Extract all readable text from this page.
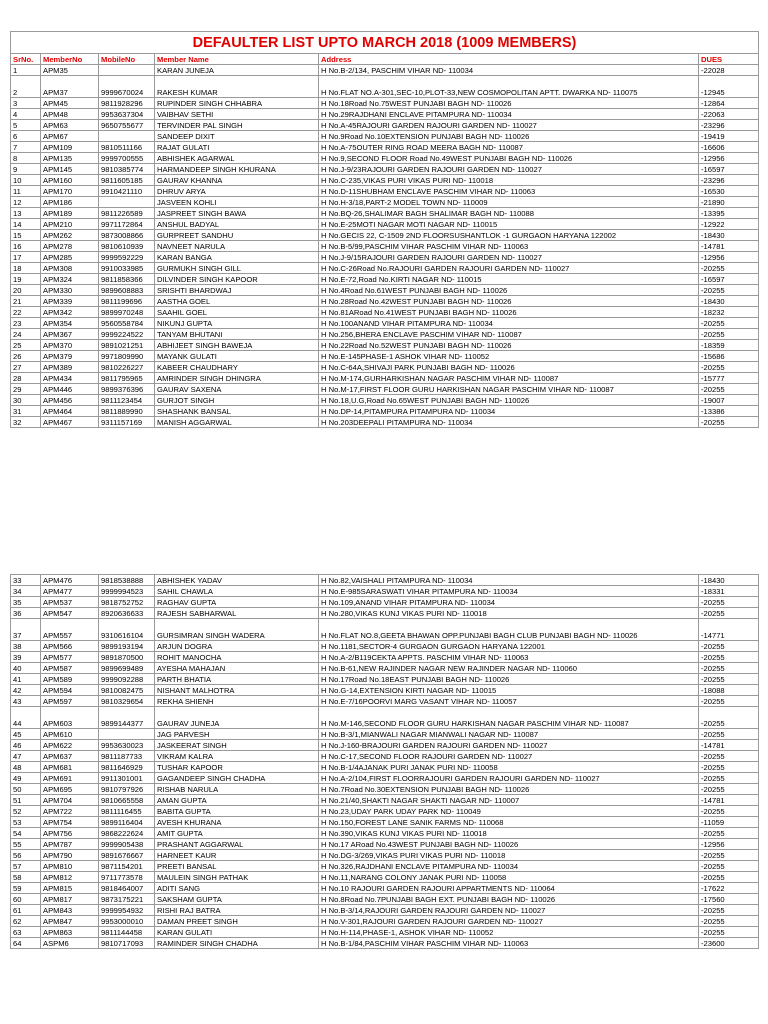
DEFAULTER LIST UPTO MARCH 2018 (1009 MEMBERS)					
SrNo.	MemberNo	MobileNo	Member Name	Address	DUES
1	APM35		KARAN JUNEJA	H No.B-2/134, PASCHIM VIHAR ND- 110034	-22028
2	APM37	9999670024	RAKESH KUMAR	H No.FLAT NO.A-301,SEC-10,PLOT-33,NEW COSMOPOLITAN APTT. DWARKA ND- 110075	-12945
3	APM45	9811928296	RUPINDER SINGH CHHABRA	H No.18Road No.75WEST PUNJABI BAGH ND- 110026	-12864
4	APM48	9953637304	VAIBHAV SETHI	H No.29RAJDHANI ENCLAVE PITAMPURA ND- 110034	-22063
5	APM63	9650755677	TERVINDER PAL SINGH	H No.A-45RAJOURI GARDEN RAJOURI GARDEN ND- 110027	-23296
6	APM67		SANDEEP DIXIT	H No.9Road No.10EXTENSION PUNJABI BAGH ND- 110026	-19419
7	APM109	9810511166	RAJAT GULATI	H No.A-75OUTER RING ROAD MEERA BAGH ND- 110087	-16606
8	APM135	9999700555	ABHISHEK AGARWAL	H No.9,SECOND FLOOR Road No.49WEST PUNJABI BAGH ND- 110026	-12956
9	APM145	9810385774	HARMANDEEP SINGH KHURANA	H No.J-9/23RAJOURI GARDEN RAJOURI GARDEN ND- 110027	-16597
10	APM160	9811605185	GAURAV KHANNA	H No.C-235,VIKAS PURI VIKAS PURI ND- 110018	-23296
11	APM170	9910421110	DHRUV ARYA	H No.D-11SHUBHAM ENCLAVE PASCHIM VIHAR ND- 110063	-16530
12	APM186		JASVEEN KOHLI	H No.H-3/18,PART-2 MODEL TOWN ND- 110009	-21890
13	APM189	9811226589	JASPREET SINGH BAWA	H No.BQ-26,SHALIMAR BAGH SHALIMAR BAGH ND- 110088	-13395
14	APM210	9971172864	ANSHUL BADYAL	H No.E-25MOTI NAGAR MOTI NAGAR ND- 110015	-12922
15	APM262	9873008866	GURPREET SANDHU	H No.GECIS 22, C-1509 2ND FLOORSUSHANTLOK -1 GURGAON HARYANA 122002	-18430
16	APM278	9810610939	NAVNEET NARULA	H No.B-5/99,PASCHIM VIHAR PASCHIM VIHAR ND- 110063	-14781
17	APM285	9999592229	KARAN BANGA	H No.J-9/15RAJOURI GARDEN RAJOURI GARDEN ND- 110027	-12956
18	APM308	9910033985	GURMUKH SINGH GILL	H No.C-26Road No.RAJOURI GARDEN RAJOURI GARDEN ND- 110027	-20255
19	APM324	9811858366	DILVINDER SINGH KAPOOR	H No.E-72,Road No.KIRTI NAGAR ND- 110015	-16597
20	APM330	9899608883	SRISHTI BHARDWAJ	H No.4Road No.61WEST PUNJABI BAGH ND- 110026	-20255
21	APM339	9811199696	AASTHA GOEL	H No.28Road No.42WEST PUNJABI BAGH ND- 110026	-18430
22	APM342	9899970248	SAAHIL GOEL	H No.81ARoad No.41WEST PUNJABI BAGH ND- 110026	-18232
23	APM354	9560558784	NIKUNJ GUPTA	H No.100ANAND VIHAR PITAMPURA ND- 110034	-20255
24	APM367	9999224522	TANYAM BHUTANI	H No.256,BHERA ENCLAVE PASCHIM VIHAR ND- 110087	-20255
25	APM370	9891021251	ABHIJEET SINGH BAWEJA	H No.22Road No.52WEST PUNJABI BAGH ND- 110026	-18359
26	APM379	9971809990	MAYANK GULATI	H No.E-145PHASE-1 ASHOK VIHAR ND- 110052	-15686
27	APM389	9810226227	KABEER CHAUDHARY	H No.C-64A,SHIVAJI PARK PUNJABI BAGH ND- 110026	-20255
28	APM434	9811795965	AMRINDER SINGH DHINGRA	H No.M-174,GURHARKISHAN NAGAR PASCHIM VIHAR ND- 110087	-15777
29	APM446	9899376396	GAURAV SAXENA	H No.M-17,FIRST FLOOR GURU HARKISHAN NAGAR PASCHIM VIHAR ND- 110087	-20255
30	APM456	9811123454	GURJOT SINGH	H No.18,U.G,Road No.65WEST PUNJABI BAGH ND- 110026	-19007
31	APM464	9811889990	SHASHANK BANSAL	H No.DP-14,PITAMPURA PITAMPURA ND- 110034	-13386
32	APM467	9311157169	MANISH AGGARWAL	H No.203DEEPALI PITAMPURA ND- 110034	-20255
33	APM476	9818538888	ABHISHEK YADAV	H No.82,VAISHALI PITAMPURA ND- 110034	-18430
34	APM477	9999994523	SAHIL CHAWLA	H No.E-985SARASWATI VIHAR PITAMPURA ND- 110034	-18331
35	APM537	9818752752	RAGHAV GUPTA	H No.109,ANAND VIHAR PITAMPURA ND- 110034	-20255
36	APM547	8920636633	RAJESH SABHARWAL	H No.280,VIKAS KUNJ VIKAS PURI ND- 110018	-20255
37	APM557	9310616104	GURSIMRAN SINGH WADERA	H No.FLAT NO.8,GEETA BHAWAN OPP.PUNJABI BAGH CLUB PUNJABI BAGH ND- 110026	-14771
38	APM566	9899193194	ARJUN DOGRA	H No.1181,SECTOR-4 GURGAON GURGAON HARYANA 122001	-20255
39	APM577	9891870500	ROHIT MANOCHA	H No.A-2/B119CEKTA APPTS. PASCHIM VIHAR ND- 110063	-20255
40	APM587	9899699489	AYESHA MAHAJAN	H No.B-61,NEW RAJINDER NAGAR NEW RAJINDER NAGAR ND- 110060	-20255
41	APM589	9999092288	PARTH BHATIA	H No.17Road No.18EAST PUNJABI BAGH ND- 110026	-20255
42	APM594	9810082475	NISHANT MALHOTRA	H No.G-14,EXTENSION KIRTI NAGAR ND- 110015	-18088
43	APM597	9810329654	REKHA SHIENH	H No.E-7/16POORVI MARG VASANT VIHAR ND- 110057	-20255
44	APM603	9899144377	GAURAV JUNEJA	H No.M-146,SECOND FLOOR GURU HARKISHAN NAGAR PASCHIM VIHAR ND- 110087	-20255
45	APM610		JAG PARVESH	H No.B-3/1,MIANWALI NAGAR MIANWALI NAGAR ND- 110087	-20255
46	APM622	9953630023	JASKEERAT SINGH	H No.J-160-BRAJOURI GARDEN RAJOURI GARDEN ND- 110027	-14781
47	APM637	9811187733	VIKRAM KALRA	H No.C-17,SECOND FLOOR RAJOURI GARDEN ND- 110027	-20255
48	APM681	9811646929	TUSHAR KAPOOR	H No.B-1/4AJANAK PURI JANAK PURI ND- 110058	-20255
49	APM691	9911301001	GAGANDEEP SINGH CHADHA	H No.A-2/104,FIRST FLOORRAJOURI GARDEN RAJOURI GARDEN ND- 110027	-20255
50	APM695	9810797926	RISHAB NARULA	H No.7Road No.30EXTENSION PUNJABI BAGH ND- 110026	-20255
51	APM704	9810665558	AMAN GUPTA	H No.21/40,SHAKTI NAGAR SHAKTI NAGAR ND- 110007	-14781
52	APM722	9811116455	BABITA GUPTA	H No.23,UDAY PARK UDAY PARK ND- 110049	-20255
53	APM754	9899116404	AVESH KHURANA	H No.150,FOREST LANE SANIK FARMS ND- 110068	-11059
54	APM756	9868222624	AMIT GUPTA	H No.390,VIKAS KUNJ VIKAS PURI ND- 110018	-20255
55	APM787	9999905438	PRASHANT AGGARWAL	H No.17 ARoad No.43WEST PUNJABI BAGH ND- 110026	-12956
56	APM790	9891676667	HARNEET KAUR	H No.DG-3/269,VIKAS PURI VIKAS PURI ND- 110018	-20255
57	APM810	9871154201	PREETI BANSAL	H No.326,RAJDHANI ENCLAVE PITAMPURA ND- 110034	-20255
58	APM812	9711773578	MAULEIN SINGH PATHAK	H No.11,NARANG COLONY JANAK PURI ND- 110058	-20255
59	APM815	9818464007	ADITI SANG	H No.10 RAJOURI GARDEN RAJOURI APPARTMENTS ND- 110064	-17622
60	APM817	9873175221	SAKSHAM GUPTA	H No.8Road No.7PUNJABI BAGH EXT. PUNJABI BAGH ND- 110026	-17560
61	APM843	9999954932	RISHI RAJ BATRA	H No.B-3/14,RAJOURI GARDEN RAJOURI GARDEN ND- 110027	-20255
62	APM847	9953000010	DAMAN PREET SINGH	H No.V-301,RAJOURI GARDEN RAJOURI GARDEN ND- 110027	-20255
63	APM863	9811144458	KARAN GULATI	H No.H-114,PHASE-1, ASHOK VIHAR ND- 110052	-20255
64	ASPM6	9810717093	RAMINDER SINGH CHADHA	H No.B-1/84,PASCHIM VIHAR PASCHIM VIHAR ND- 110063	-23600
